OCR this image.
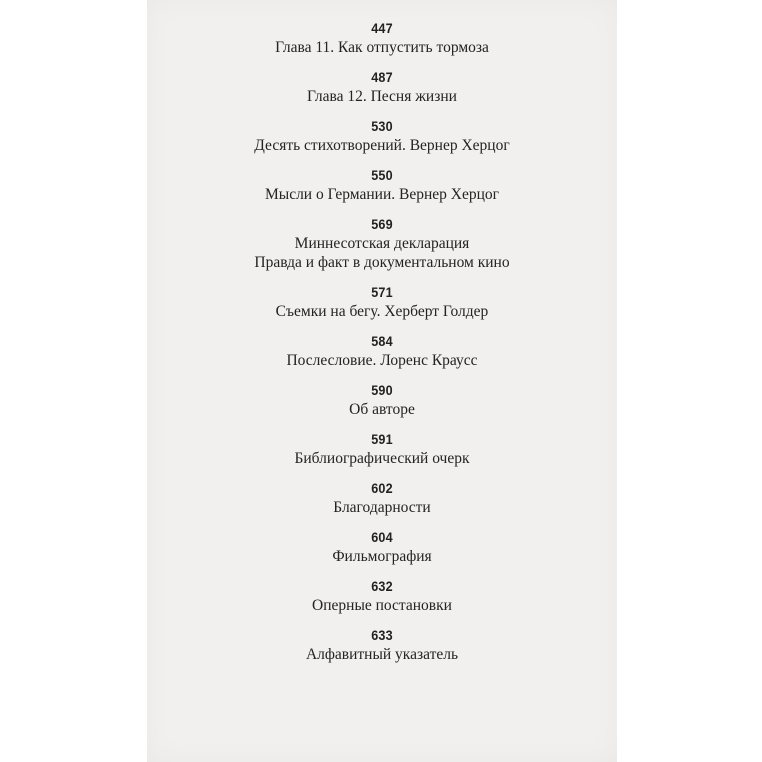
447
Глава 11. Как отпустить тормоза
487
Глава 12. Песня жизни
530
Десять стихотворений. Вернер Херцог
550
Мысли о Германии. Вернер Херцог
569
Миннесотская декларация
Правда и факт в документальном кино
571
Съемки на бегу. Херберт Голдер
584
Послесловие. Лоренс Краусс
590
Об авторе
591
Библиографический очерк
602
Благодарности
604
Фильмография
632
Оперные постановки
633
Алфавитный указатель
